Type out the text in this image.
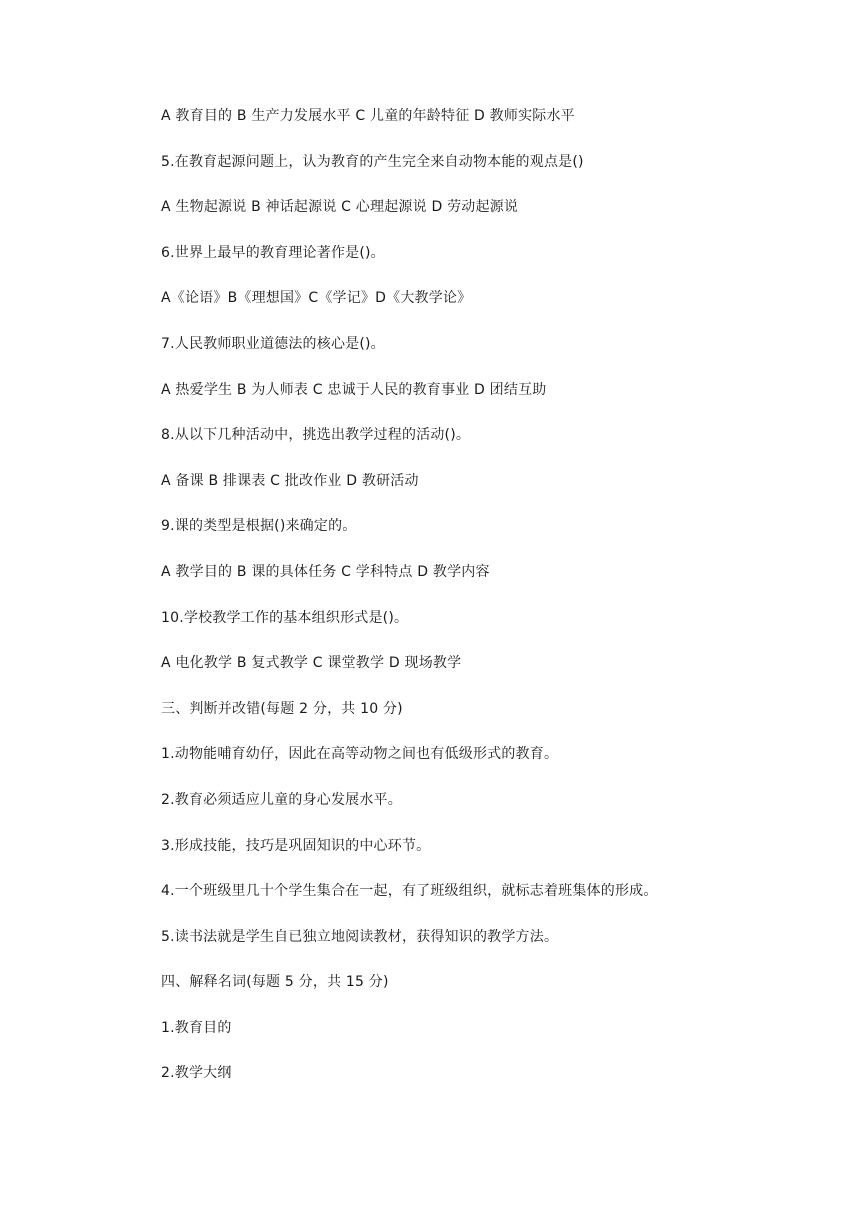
A 教育目的 B 生产力发展水平 C 儿童的年龄特征 D 教师实际水平
5.在教育起源问题上，认为教育的产生完全来自动物本能的观点是()
A 生物起源说 B 神话起源说 C 心理起源说 D 劳动起源说
6.世界上最早的教育理论著作是()。
A《论语》B《理想国》C《学记》D《大教学论》
7.人民教师职业道德法的核心是()。
A 热爱学生 B 为人师表 C 忠诚于人民的教育事业 D 团结互助
8.从以下几种活动中，挑选出教学过程的活动()。
A 备课 B 排课表 C 批改作业 D 教研活动
9.课的类型是根据()来确定的。
A 教学目的 B 课的具体任务 C 学科特点 D 教学内容
10.学校教学工作的基本组织形式是()。
A 电化教学 B 复式教学 C 课堂教学 D 现场教学
三、判断并改错(每题 2 分，共 10 分)
1.动物能哺育幼仔，因此在高等动物之间也有低级形式的教育。
2.教育必须适应儿童的身心发展水平。
3.形成技能，技巧是巩固知识的中心环节。
4.一个班级里几十个学生集合在一起，有了班级组织，就标志着班集体的形成。
5.读书法就是学生自已独立地阅读教材，获得知识的教学方法。
四、解释名词(每题 5 分，共 15 分)
1.教育目的
2.教学大纲
